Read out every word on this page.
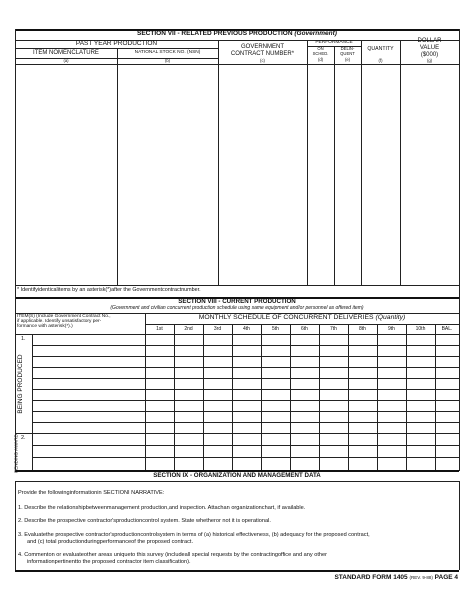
SECTION VII - RELATED PREVIOUS PRODUCTION (Government)
PAST YEAR PRODUCTION
ITEM NOMENCLATURE
(a)
NATIONAL STOCK NO. (NSN)
(b)
GOVERNMENT
CONTRACT NUMBER*
(c)
PERFORMANCE
ON
SCHED.
(d)
DELIN-
QUENT
(e)
QUANTITY
(f)
DOLLAR
VALUE
($000)
(g)
* Identifyidenticalitems by an asterisk(*)after the Governmentcontractnumber.
SECTION VIII - CURRENT PRODUCTION
(Government and civilian concurrent production schedule using same equipment and/or personnel as offered item)
ITEM(S) (Include Government Contract No.,
if applicable. Identify unsatisfactory per-
formance with asterisk(*).)
MONTHLY SCHEDULE OF CONCURRENT DELIVERIES (Quantity)
1st	2nd	3rd	4th	5th	6th	7th	8th	9th	10th	BAL.
1.
2.
BEING PRODUCED
PENDING AWARD
SECTION IX - ORGANIZATION AND MANAGEMENT DATA
Provide the followinginformationin SECTIONI NARRATIVE:
1. Describe the relationshipbetweenmanagement production,and inspection. Attachan organizationchart, if available.
2. Describe the prospective contractor'sproductioncontrol system. State whetheror not it is operational.
3. Evaluatethe prospective contractor'sproductioncontrolsystem in terms of (a) historical effectiveness, (b) adequacy for the proposed contract,
and (c) total productionduringperformanceof the proposed contract.
4. Commenton or evaluateother areas uniqueto this survey (includeall special requests by the contractingoffice and any other
informationpertinentto the proposed contractor item classification).
STANDARD FORM 1405 (REV. 9-88) PAGE 4
